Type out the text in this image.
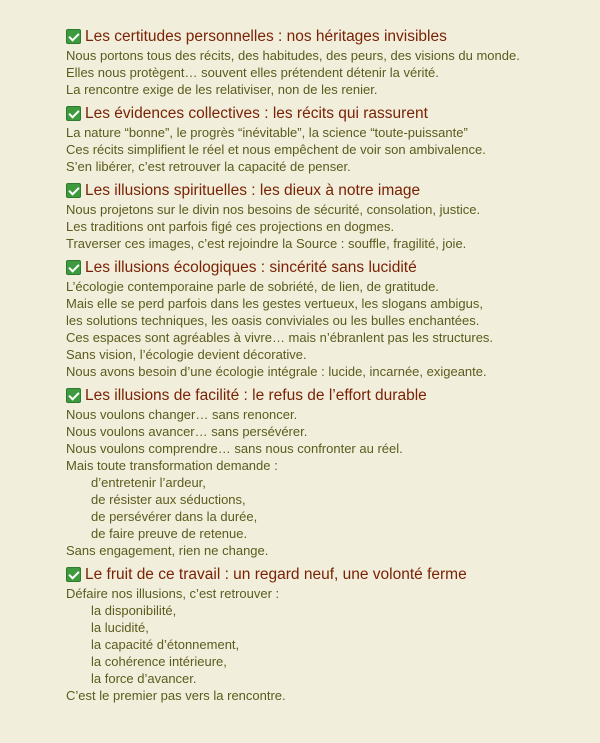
Les certitudes personnelles : nos héritages invisibles
Nous portons tous des récits, des habitudes, des peurs, des visions du monde.
Elles nous protègent… souvent elles prétendent détenir la vérité.
La rencontre exige de les relativiser, non de les renier.
Les évidences collectives : les récits qui rassurent
La nature “bonne”, le progrès “inévitable”, la science “toute-puissante”
Ces récits simplifient le réel et nous empêchent de voir son ambivalence.
S’en libérer, c’est retrouver la capacité de penser.
Les illusions spirituelles : les dieux à notre image
Nous projetons sur le divin nos besoins de sécurité, consolation, justice.
Les traditions ont parfois figé ces projections en dogmes.
Traverser ces images, c’est rejoindre la Source : souffle, fragilité, joie.
Les illusions écologiques : sincérité sans lucidité
L’écologie contemporaine parle de sobriété, de lien, de gratitude.
Mais elle se perd parfois dans les gestes vertueux, les slogans ambigus,
les solutions techniques, les oasis conviviales ou les bulles enchantées.
Ces espaces sont agréables à vivre… mais n’ébranlent pas les structures.
Sans vision, l’écologie devient décorative.
Nous avons besoin d’une écologie intégrale : lucide, incarnée, exigeante.
Les illusions de facilité : le refus de l’effort durable
Nous voulons changer… sans renoncer.
Nous voulons avancer… sans persévérer.
Nous voulons comprendre… sans nous confronter au réel.
Mais toute transformation demande :
d’entretenir l’ardeur,
de résister aux séductions,
de persévérer dans la durée,
de faire preuve de retenue.
Sans engagement, rien ne change.
Le fruit de ce travail : un regard neuf, une volonté ferme
Défaire nos illusions, c’est retrouver :
la disponibilité,
la lucidité,
la capacité d’étonnement,
la cohérence intérieure,
la force d’avancer.
C’est le premier pas vers la rencontre.
